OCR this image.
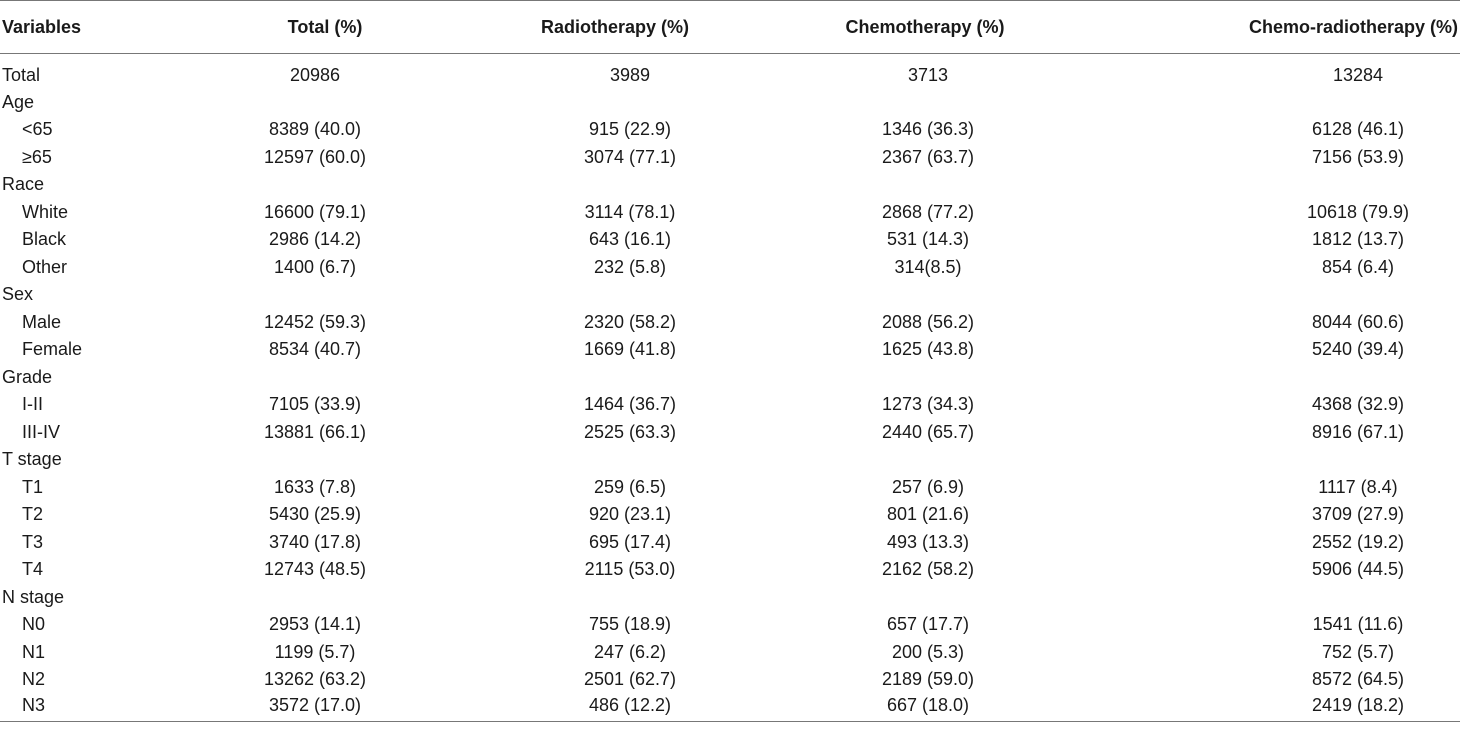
Variables	Total (%)	Radiotherapy (%)	Chemotherapy (%)	Chemo-radiotherapy (%)
Total	20986	3989	3713	13284
Age				
<65	8389 (40.0)	915 (22.9)	1346 (36.3)	6128 (46.1)
≥65	12597 (60.0)	3074 (77.1)	2367 (63.7)	7156 (53.9)
Race				
White	16600 (79.1)	3114 (78.1)	2868 (77.2)	10618 (79.9)
Black	2986 (14.2)	643 (16.1)	531 (14.3)	1812 (13.7)
Other	1400 (6.7)	232 (5.8)	314(8.5)	854 (6.4)
Sex				
Male	12452 (59.3)	2320 (58.2)	2088 (56.2)	8044 (60.6)
Female	8534 (40.7)	1669 (41.8)	1625 (43.8)	5240 (39.4)
Grade				
I-II	7105 (33.9)	1464 (36.7)	1273 (34.3)	4368 (32.9)
III-IV	13881 (66.1)	2525 (63.3)	2440 (65.7)	8916 (67.1)
T stage				
T1	1633 (7.8)	259 (6.5)	257 (6.9)	1117 (8.4)
T2	5430 (25.9)	920 (23.1)	801 (21.6)	3709 (27.9)
T3	3740 (17.8)	695 (17.4)	493 (13.3)	2552 (19.2)
T4	12743 (48.5)	2115 (53.0)	2162 (58.2)	5906 (44.5)
N stage				
N0	2953 (14.1)	755 (18.9)	657 (17.7)	1541 (11.6)
N1	1199 (5.7)	247 (6.2)	200 (5.3)	752 (5.7)
N2	13262 (63.2)	2501 (62.7)	2189 (59.0)	8572 (64.5)
N3	3572 (17.0)	486 (12.2)	667 (18.0)	2419 (18.2)
